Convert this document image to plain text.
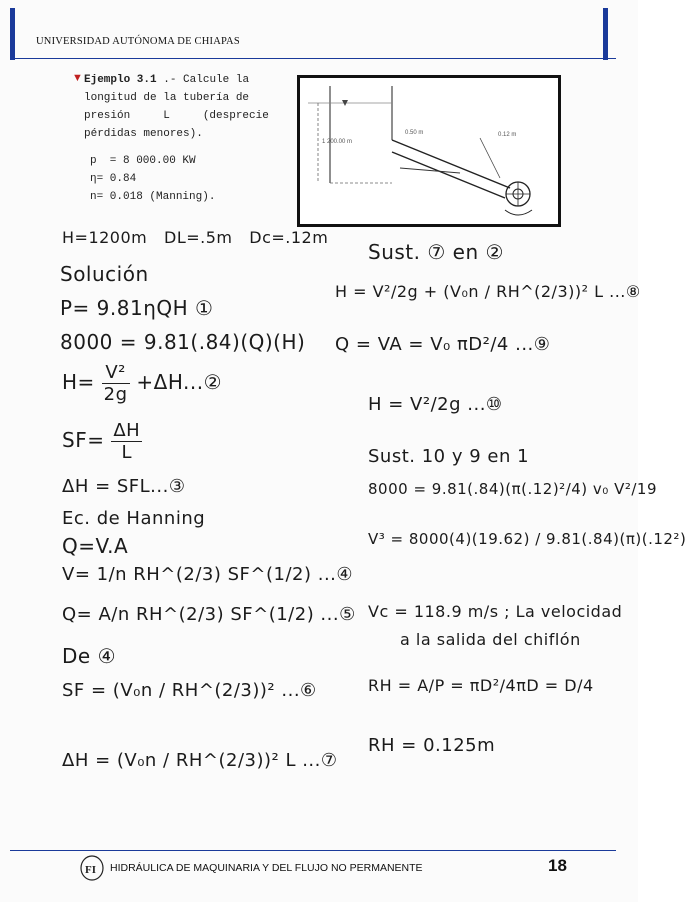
UNIVERSIDAD AUTÓNOMA DE CHIAPAS
▼ Ejemplo 3.1 .- Calcule la
longitud de la tubería de
presión     L     (desprecie
pérdidas menores).
p  = 8 000.00 KW
η= 0.84
n= 0.018 (Manning).
1 200.00 m
0.50 m	0.12 m
H=1200m   DL=.5m   Dc=.12m
Solución
P= 9.81ηQH ①
8000 = 9.81(.84)(Q)(H)
$H= \frac{\text{V²}}{2g}$ +ΔH...②
$SF= \frac{\Delta H}{L}$
ΔH = SFL...③
Ec. de Hanning
Q=V.A
V= 1/n RH^(2/3) SF^(1/2) ...④
Q= A/n RH^(2/3) SF^(1/2) ...⑤
De ④
SF = (V₀n / RH^(2/3))² ...⑥
ΔH = (V₀n / RH^(2/3))² L ...⑦
Sust. ⑦ en ②
H = V²/2g + (V₀n / RH^(2/3))² L ...⑧
Q = VA = V₀ πD²/4 ...⑨
H = V²/2g ...⑩
Sust. 10 y 9 en 1
8000 = 9.81(.84)(π(.12)²/4) v₀ V²/19
V³ = 8000(4)(19.62) / 9.81(.84)(π)(.12²)
Vc = 118.9 m/s ; La velocidad
a la salida del chiflón
RH = A/P = πD²/4πD = D/4
RH = 0.125m
FI HIDRÁULICA DE MAQUINARIA Y DEL FLUJO NO PERMANENTE	18
